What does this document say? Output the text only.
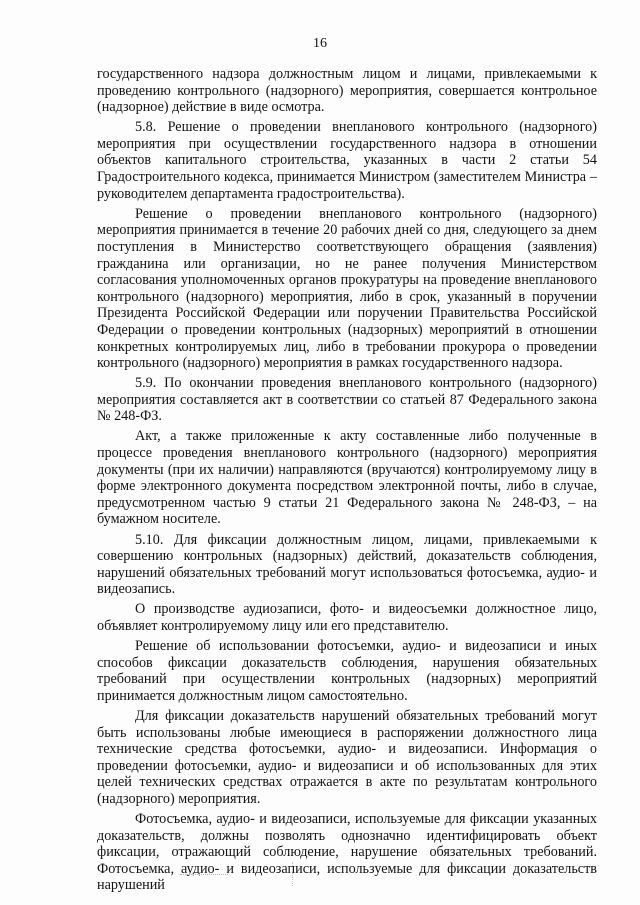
16

государственного надзора должностным лицом и лицами, привлекаемыми к проведению контрольного (надзорного) мероприятия, совершается контрольное (надзорное) действие в виде осмотра.

5.8. Решение о проведении внепланового контрольного (надзорного) мероприятия при осуществлении государственного надзора в отношении объектов капитального строительства, указанных в части 2 статьи 54 Градостроительного кодекса, принимается Министром (заместителем Министра – руководителем департамента градостроительства).

Решение о проведении внепланового контрольного (надзорного) мероприятия принимается в течение 20 рабочих дней со дня, следующего за днем поступления в Министерство соответствующего обращения (заявления) гражданина или организации, но не ранее получения Министерством согласования уполномоченных органов прокуратуры на проведение внепланового контрольного (надзорного) мероприятия, либо в срок, указанный в поручении Президента Российской Федерации или поручении Правительства Российской Федерации о проведении контрольных (надзорных) мероприятий в отношении конкретных контролируемых лиц, либо в требовании прокурора о проведении контрольного (надзорного) мероприятия в рамках государственного надзора.

5.9. По окончании проведения внепланового контрольного (надзорного) мероприятия составляется акт в соответствии со статьей 87 Федерального закона № 248-ФЗ.

Акт, а также приложенные к акту составленные либо полученные в процессе проведения внепланового контрольного (надзорного) мероприятия документы (при их наличии) направляются (вручаются) контролируемому лицу в форме электронного документа посредством электронной почты, либо в случае, предусмотренном частью 9 статьи 21 Федерального закона № 248-ФЗ, – на бумажном носителе.

5.10. Для фиксации должностным лицом, лицами, привлекаемыми к совершению контрольных (надзорных) действий, доказательств соблюдения, нарушений обязательных требований могут использоваться фотосъемка, аудио- и видеозапись.

О производстве аудиозаписи, фото- и видеосъемки должностное лицо, объявляет контролируемому лицу или его представителю.

Решение об использовании фотосъемки, аудио- и видеозаписи и иных способов фиксации доказательств соблюдения, нарушения обязательных требований при осуществлении контрольных (надзорных) мероприятий принимается должностным лицом самостоятельно.

Для фиксации доказательств нарушений обязательных требований могут быть использованы любые имеющиеся в распоряжении должностного лица технические средства фотосъемки, аудио- и видеозаписи. Информация о проведении фотосъемки, аудио- и видеозаписи и об использованных для этих целей технических средствах отражается в акте по результатам контрольного (надзорного) мероприятия.

Фотосъемка, аудио- и видеозаписи, используемые для фиксации указанных доказательств, должны позволять однозначно идентифицировать объект фиксации, отражающий соблюдение, нарушение обязательных требований. Фотосъемка, аудио- и видеозаписи, используемые для фиксации доказательств нарушений
